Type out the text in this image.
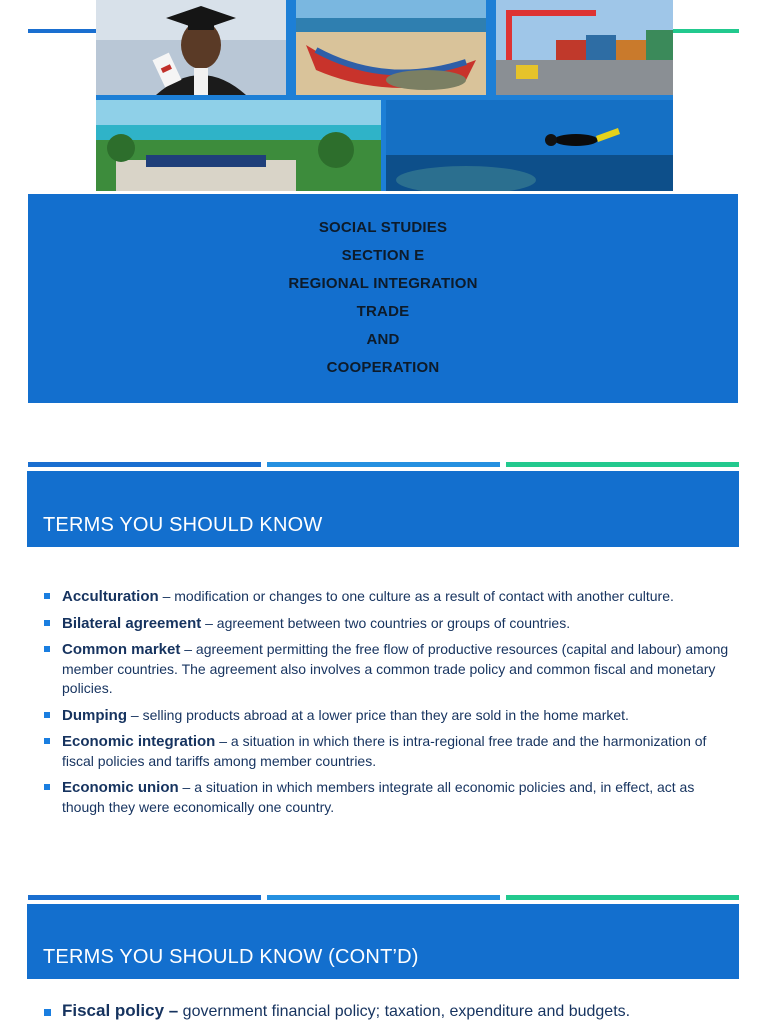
SOCIAL STUDIES
SECTION E
REGIONAL INTEGRATION
TRADE
AND
COOPERATION
TERMS YOU SHOULD KNOW
Acculturation – modification or changes to one culture as a result of contact with another culture.
Bilateral agreement – agreement between two countries or groups of countries.
Common market – agreement permitting the free flow of productive resources (capital and labour) among member countries. The agreement also involves a common trade policy and common fiscal and monetary policies.
Dumping – selling products abroad at a lower price than they are sold in the home market.
Economic integration – a situation in which there is intra-regional free trade and the harmonization of fiscal policies and tariffs among member countries.
Economic union – a situation in which members integrate all economic policies and, in effect, act as though they were economically one country.
TERMS YOU SHOULD KNOW (CONT’D)
Fiscal policy – government financial policy; taxation, expenditure and budgets.
